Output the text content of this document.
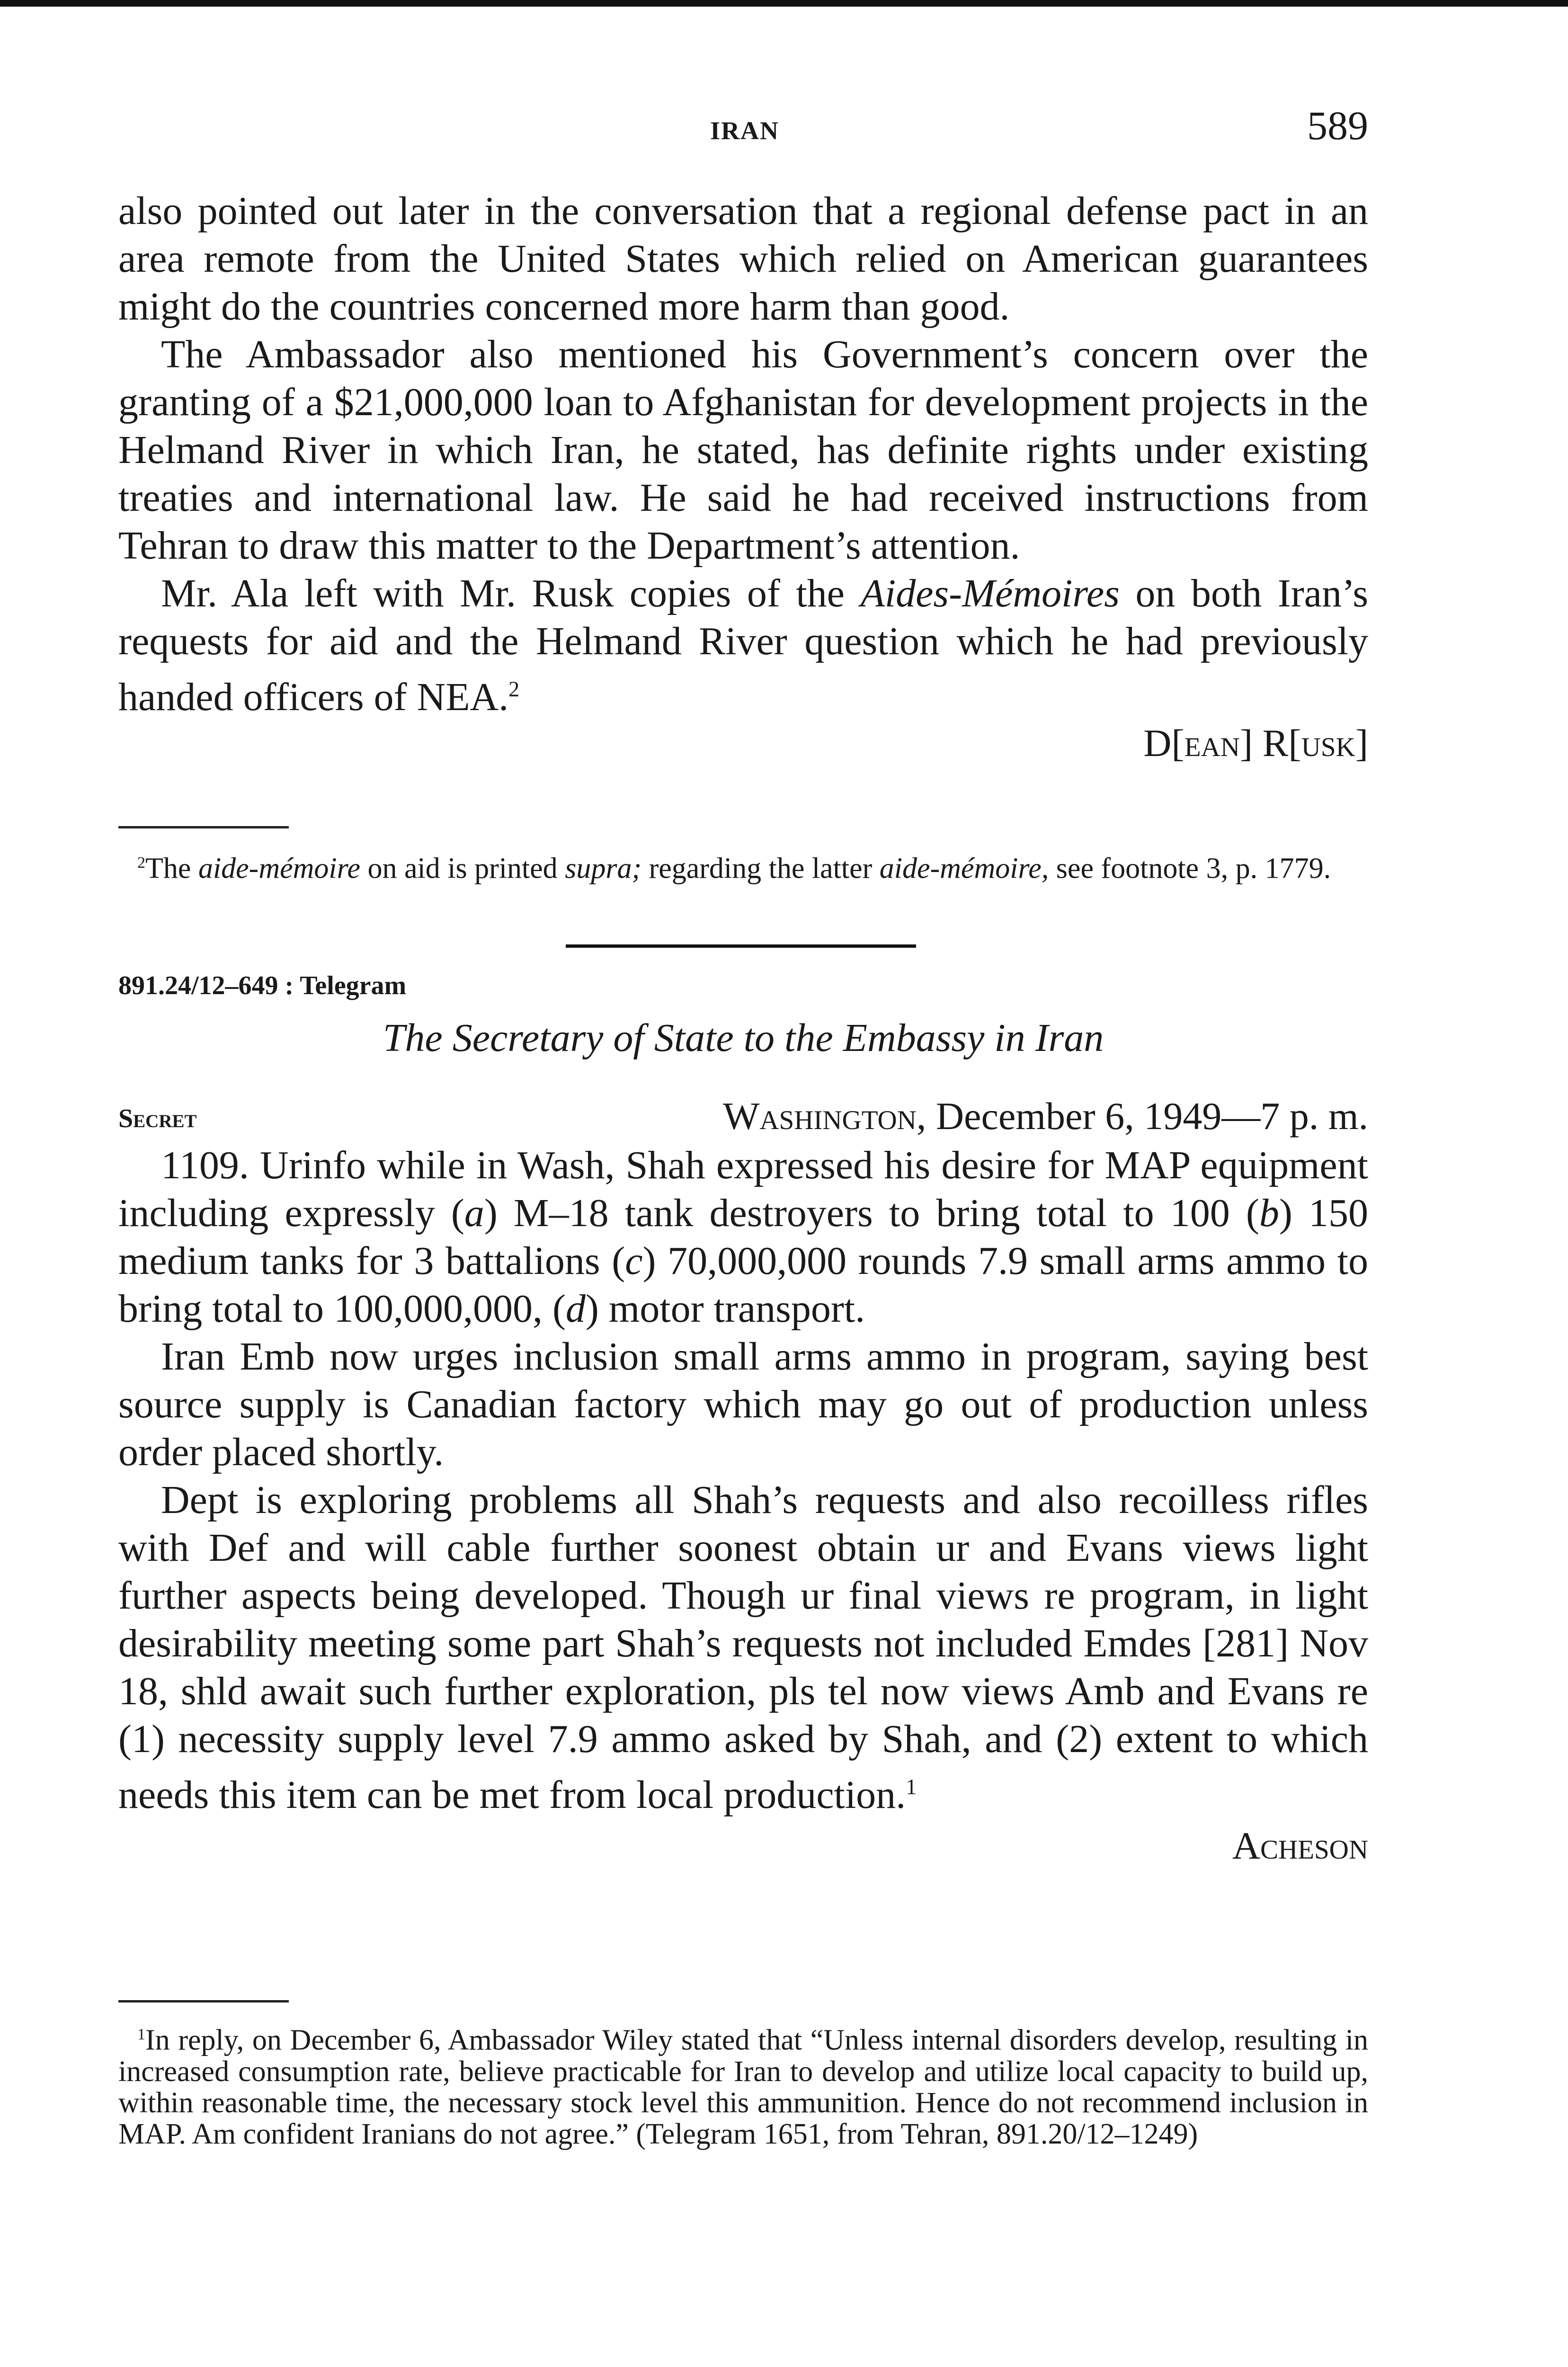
IRAN	589

also pointed out later in the conversation that a regional defense pact in an area remote from the United States which relied on American guarantees might do the countries concerned more harm than good.

The Ambassador also mentioned his Government’s concern over the granting of a $21,000,000 loan to Afghanistan for development projects in the Helmand River in which Iran, he stated, has definite rights under existing treaties and international law. He said he had received instructions from Tehran to draw this matter to the Department’s attention.

Mr. Ala left with Mr. Rusk copies of the Aides-Mémoires on both Iran’s requests for aid and the Helmand River question which he had previously handed officers of NEA.$^2$

D[ean] R[usk]

$^2$The aide-mémoire on aid is printed supra; regarding the latter aide-mémoire, see footnote 3, p. 1779.

891.24/12–649 : Telegram

The Secretary of State to the Embassy in Iran

Secret	Washington, December 6, 1949—7 p. m.

1109. Urinfo while in Wash, Shah expressed his desire for MAP equipment including expressly (a) M–18 tank destroyers to bring total to 100 (b) 150 medium tanks for 3 battalions (c) 70,000,000 rounds 7.9 small arms ammo to bring total to 100,000,000, (d) motor transport.

Iran Emb now urges inclusion small arms ammo in program, saying best source supply is Canadian factory which may go out of production unless order placed shortly.

Dept is exploring problems all Shah’s requests and also recoilless rifles with Def and will cable further soonest obtain ur and Evans views light further aspects being developed. Though ur final views re program, in light desirability meeting some part Shah’s requests not included Emdes [281] Nov 18, shld await such further exploration, pls tel now views Amb and Evans re (1) necessity supply level 7.9 ammo asked by Shah, and (2) extent to which needs this item can be met from local production.$^1$

Acheson

$^1$In reply, on December 6, Ambassador Wiley stated that “Unless internal disorders develop, resulting in increased consumption rate, believe practicable for Iran to develop and utilize local capacity to build up, within reasonable time, the necessary stock level this ammunition. Hence do not recommend inclusion in MAP. Am confident Iranians do not agree.” (Telegram 1651, from Tehran, 891.20/12–1249)
